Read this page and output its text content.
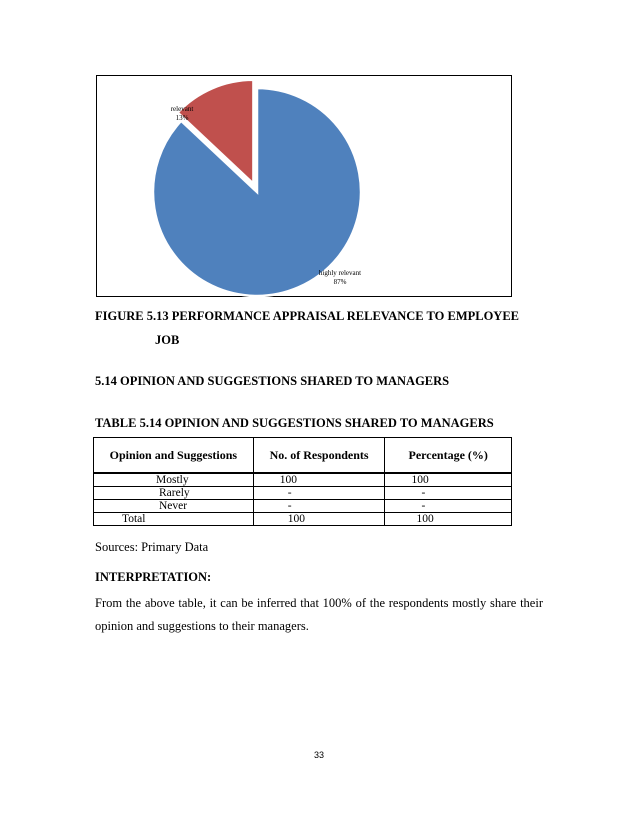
relevant
13%
highly relevant
87%
FIGURE 5.13 PERFORMANCE APPRAISAL RELEVANCE TO EMPLOYEE
JOB
5.14 OPINION AND SUGGESTIONS SHARED TO MANAGERS
TABLE 5.14 OPINION AND SUGGESTIONS SHARED TO MANAGERS
Opinion and Suggestions	No. of Respondents	Percentage (%)
Mostly	100	100
Rarely	-	-
Never	-	-
Total	100	100
Sources: Primary Data
INTERPRETATION:
From the above table, it can be inferred that 100% of the respondents mostly share their opinion and suggestions to their managers.
33
